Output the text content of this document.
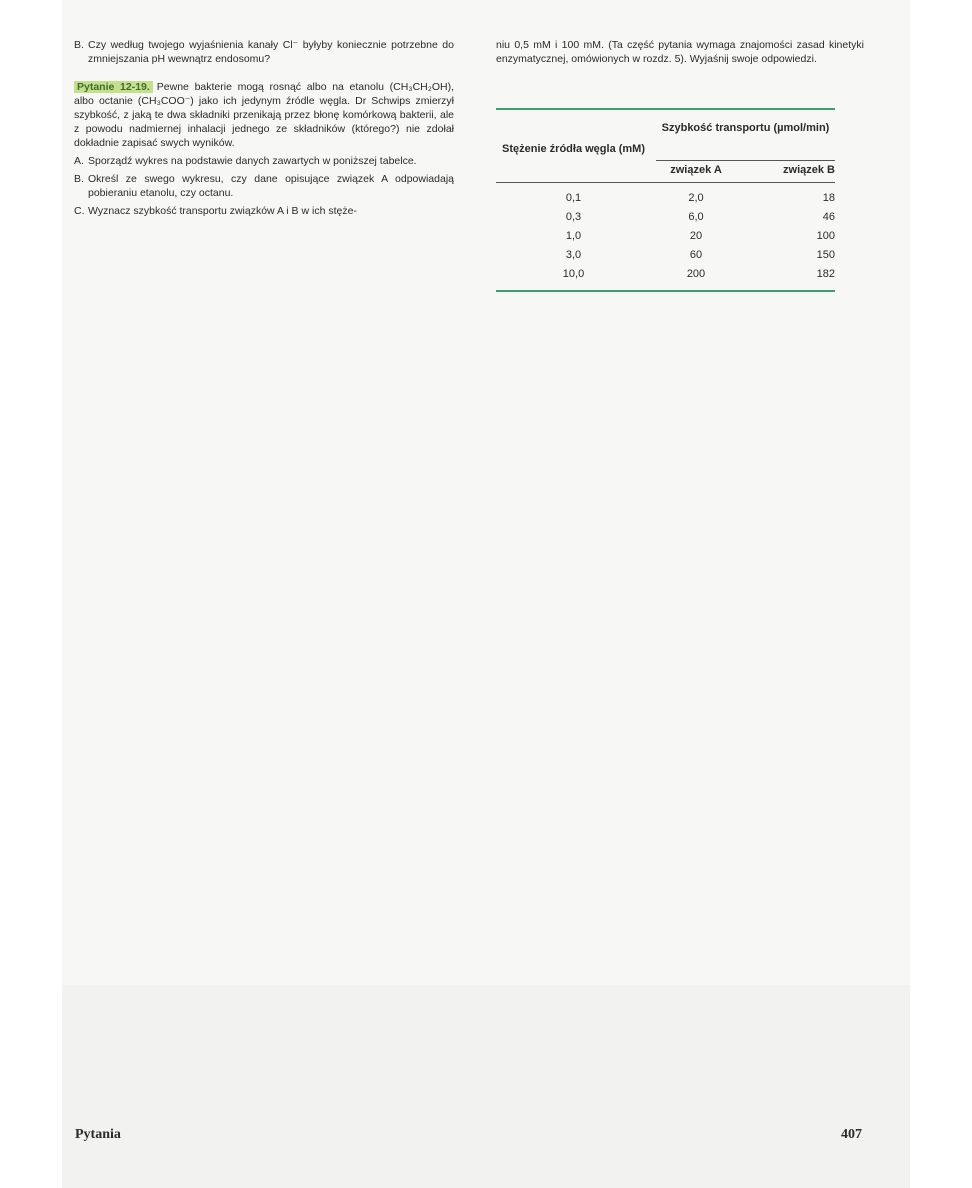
B. Czy według twojego wyjaśnienia kanały Cl⁻ byłyby koniecznie potrzebne do zmniejszania pH wewnątrz endosomu?
Pytanie 12-19. Pewne bakterie mogą rosnąć albo na etanolu (CH₃CH₂OH), albo octanie (CH₃COO⁻) jako ich jedynym źródle węgla. Dr Schwips zmierzył szybkość, z jaką te dwa składniki przenikają przez błonę komórkową bakterii, ale z powodu nadmiernej inhalacji jednego ze składników (którego?) nie zdołał dokładnie zapisać swych wyników.
A. Sporządź wykres na podstawie danych zawartych w poniższej tabelce.
B. Określ ze swego wykresu, czy dane opisujące związek A odpowiadają pobieraniu etanolu, czy octanu.
C. Wyznacz szybkość transportu związków A i B w ich stęże-

niu 0,5 mM i 100 mM. (Ta część pytania wymaga znajomości zasad kinetyki enzymatycznej, omówionych w rozdz. 5). Wyjaśnij swoje odpowiedzi.

Stężenie źródła węgla (mM)
Szybkość transportu (µmol/min)
związek A	związek B
0,1	2,0	18
0,3	6,0	46
1,0	20	100
3,0	60	150
10,0	200	182
Pytania	407
